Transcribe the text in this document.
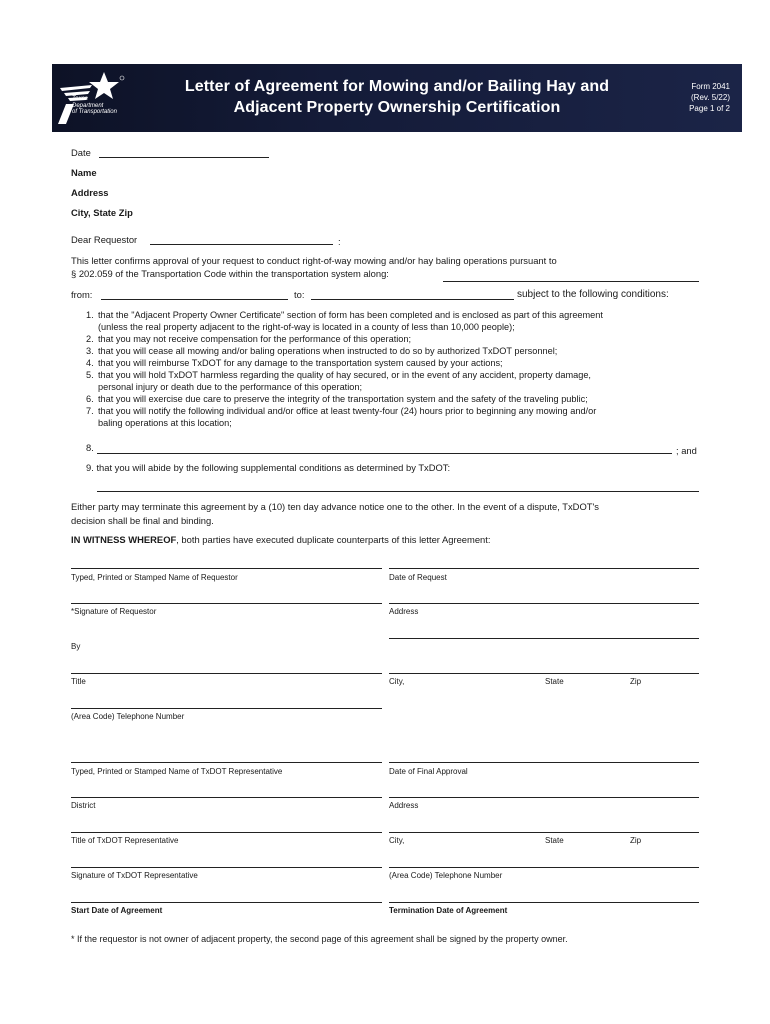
Texas
Department
of Transportation
Letter of Agreement for Mowing and/or Bailing Hay and
Adjacent Property Ownership Certification
Form 2041
(Rev. 5/22)
Page 1 of 2
Date
Name
Address
City, State Zip
Dear Requestor	:
This letter confirms approval of your request to conduct right-of-way mowing and/or hay baling operations pursuant to
§ 202.059 of the Transportation Code within the transportation system along:
from:	to:	subject to the following conditions:
1. that the "Adjacent Property Owner Certificate" section of form has been completed and is enclosed as part of this agreement
(unless the real property adjacent to the right-of-way is located in a county of less than 10,000 people);
2. that you may not receive compensation for the performance of this operation;
3. that you will cease all mowing and/or baling operations when instructed to do so by authorized TxDOT personnel;
4. that you will reimburse TxDOT for any damage to the transportation system caused by your actions;
5. that you will hold TxDOT harmless regarding the quality of hay secured, or in the event of any accident, property damage,
personal injury or death due to the performance of this operation;
6. that you will exercise due care to preserve the integrity of the transportation system and the safety of the traveling public;
7. that you will notify the following individual and/or office at least twenty-four (24) hours prior to beginning any mowing and/or
baling operations at this location;
8.	; and
9. that you will abide by the following supplemental conditions as determined by TxDOT:
Either party may terminate this agreement by a (10) ten day advance notice one to the other. In the event of a dispute, TxDOT's
decision shall be final and binding.
IN WITNESS WHEREOF, both parties have executed duplicate counterparts of this letter Agreement:
Typed, Printed or Stamped Name of Requestor	Date of Request
*Signature of Requestor	Address
By
Title	City,	State	Zip
(Area Code) Telephone Number
Typed, Printed or Stamped Name of TxDOT Representative	Date of Final Approval
District	Address
Title of TxDOT Representative	City,	State	Zip
Signature of TxDOT Representative	(Area Code) Telephone Number
Start Date of Agreement	Termination Date of Agreement
* If the requestor is not owner of adjacent property, the second page of this agreement shall be signed by the property owner.
